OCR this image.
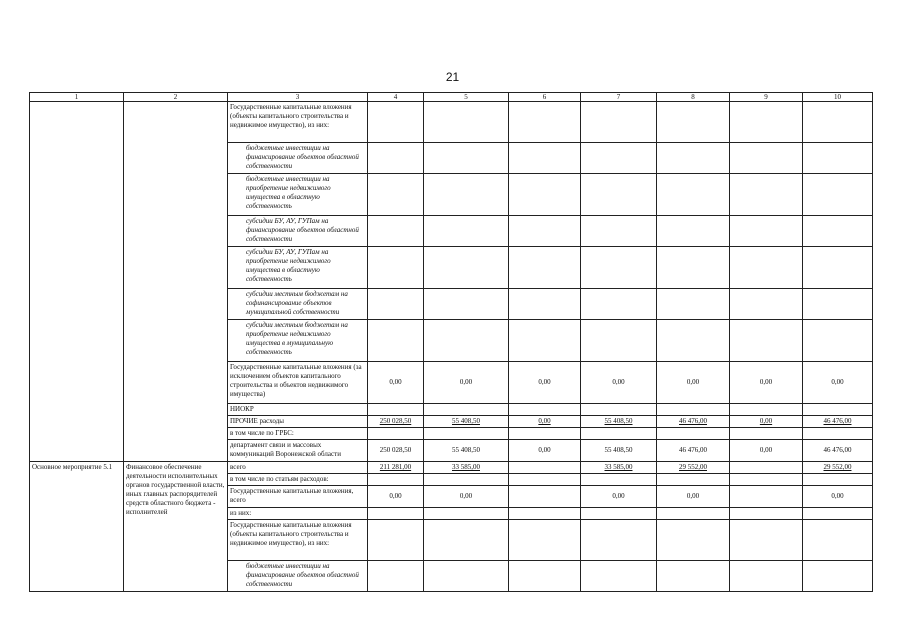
21
1	2	3	4	5	6	7	8	9	10
		Государственные капитальные вложения (объекты капитального строительства и недвижимое имущество), из них:							
		бюджетные инвестиции на финансирование объектов областной собственности							
		бюджетные инвестиции на приобретение недвижимого имущества в областную собственность							
		субсидии БУ, АУ, ГУПам на финансирование объектов областной собственности							
		субсидии БУ, АУ, ГУПам на приобретение недвижимого имущества в областную собственность							
		субсидии местным бюджетам на софинансирование объектов муниципальной собственности							
		субсидии местным бюджетам на приобретение недвижимого имущества в муниципальную собственность							
		Государственные капитальные вложения (за исключением объектов капитального строительства и объектов недвижимого имущества)	0,00	0,00	0,00	0,00	0,00	0,00	0,00
		НИОКР							
		ПРОЧИЕ расходы	250 028,50	55 408,50	0,00	55 408,50	46 476,00	0,00	46 476,00
		в том числе по ГРБС:							
		департамент связи и массовых коммуникаций Воронежской области	250 028,50	55 408,50	0,00	55 408,50	46 476,00	0,00	46 476,00
Основное мероприятие 5.1	Финансовое обеспечение деятельности исполнительных органов государственной власти, иных главных распорядителей средств областного бюджета - исполнителей	всего	211 281,00	33 585,00		33 585,00	29 552,00		29 552,00
		в том числе по статьям расходов:							
		Государственные капитальные вложения, всего	0,00	0,00		0,00	0,00		0,00
		из них:							
		Государственные капитальные вложения (объекты капитального строительства и недвижимое имущество), из них:							
		бюджетные инвестиции на финансирование объектов областной собственности							
